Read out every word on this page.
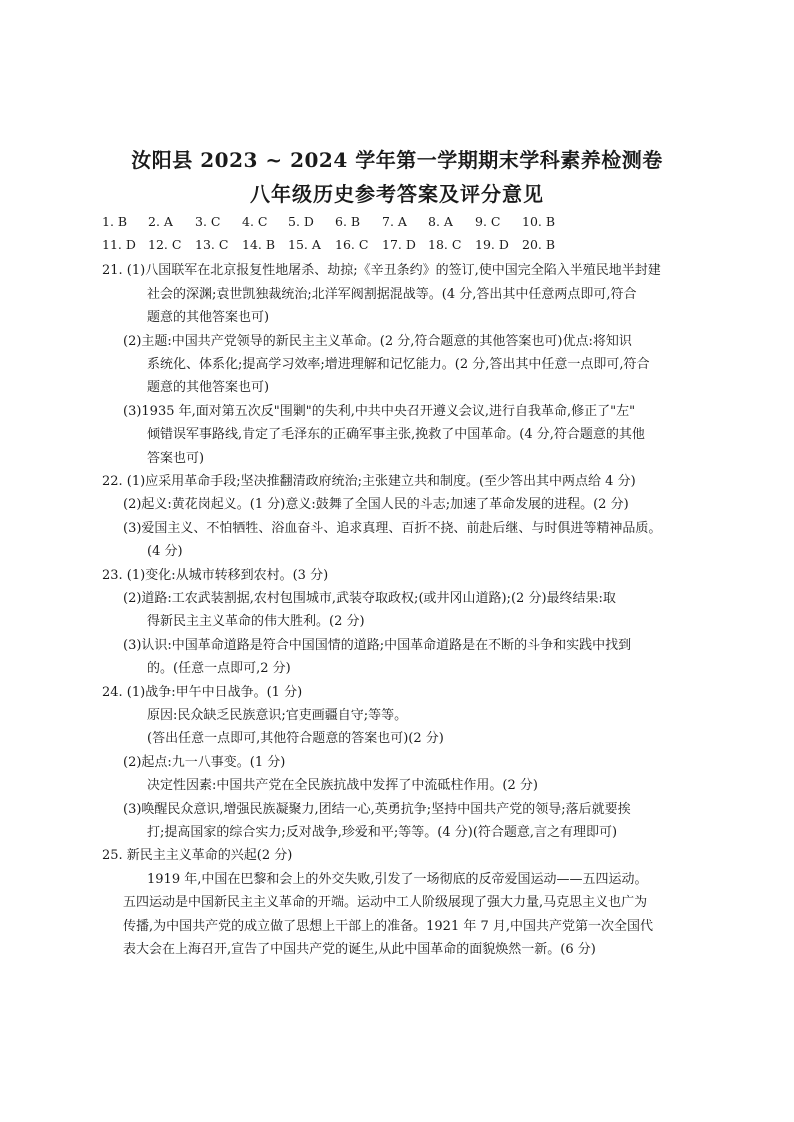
汝阳县 2023 ~ 2024 学年第一学期期末学科素养检测卷
八年级历史参考答案及评分意见
1. B 2. A 3. C 4. C 5. D 6. B 7. A 8. A 9. C 10. B
11. D 12. C 13. C 14. B 15. A 16. C 17. D 18. C 19. D 20. B
21. (1)八国联军在北京报复性地屠杀、劫掠;《辛丑条约》的签订,使中国完全陷入半殖民地半封建
社会的深渊;袁世凯独裁统治;北洋军阀割据混战等。(4 分,答出其中任意两点即可,符合
题意的其他答案也可)
(2)主题:中国共产党领导的新民主主义革命。(2 分,符合题意的其他答案也可)优点:将知识
系统化、体系化;提高学习效率;增进理解和记忆能力。(2 分,答出其中任意一点即可,符合
题意的其他答案也可)
(3)1935 年,面对第五次反"围剿"的失利,中共中央召开遵义会议,进行自我革命,修正了"左"
倾错误军事路线,肯定了毛泽东的正确军事主张,挽救了中国革命。(4 分,符合题意的其他
答案也可)
22. (1)应采用革命手段;坚决推翻清政府统治;主张建立共和制度。(至少答出其中两点给 4 分)
(2)起义:黄花岗起义。(1 分)意义:鼓舞了全国人民的斗志;加速了革命发展的进程。(2 分)
(3)爱国主义、不怕牺牲、浴血奋斗、追求真理、百折不挠、前赴后继、与时俱进等精神品质。
(4 分)
23. (1)变化:从城市转移到农村。(3 分)
(2)道路:工农武装割据,农村包围城市,武装夺取政权;(或井冈山道路);(2 分)最终结果:取
得新民主主义革命的伟大胜利。(2 分)
(3)认识:中国革命道路是符合中国国情的道路;中国革命道路是在不断的斗争和实践中找到
的。(任意一点即可,2 分)
24. (1)战争:甲午中日战争。(1 分)
原因:民众缺乏民族意识;官吏画疆自守;等等。
(答出任意一点即可,其他符合题意的答案也可)(2 分)
(2)起点:九一八事变。(1 分)
决定性因素:中国共产党在全民族抗战中发挥了中流砥柱作用。(2 分)
(3)唤醒民众意识,增强民族凝聚力,团结一心,英勇抗争;坚持中国共产党的领导;落后就要挨
打;提高国家的综合实力;反对战争,珍爱和平;等等。(4 分)(符合题意,言之有理即可)
25. 新民主主义革命的兴起(2 分)
1919 年,中国在巴黎和会上的外交失败,引发了一场彻底的反帝爱国运动——五四运动。
五四运动是中国新民主主义革命的开端。运动中工人阶级展现了强大力量,马克思主义也广为
传播,为中国共产党的成立做了思想上干部上的准备。1921 年 7 月,中国共产党第一次全国代
表大会在上海召开,宣告了中国共产党的诞生,从此中国革命的面貌焕然一新。(6 分)
